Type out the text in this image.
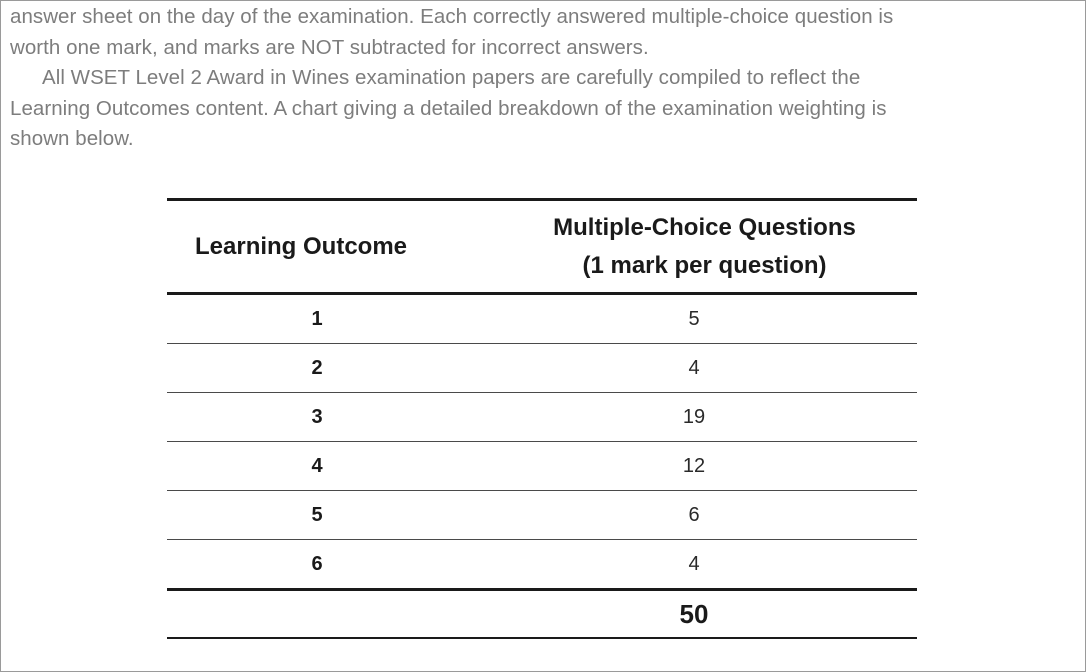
answer sheet on the day of the examination. Each correctly answered multiple-choice question is
worth one mark, and marks are NOT subtracted for incorrect answers.

All WSET Level 2 Award in Wines examination papers are carefully compiled to reflect the
Learning Outcomes content. A chart giving a detailed breakdown of the examination weighting is
shown below.

Learning Outcome	Multiple-Choice Questions
(1 mark per question)

1	5
2	4
3	19
4	12
5	6
6	4
	50
